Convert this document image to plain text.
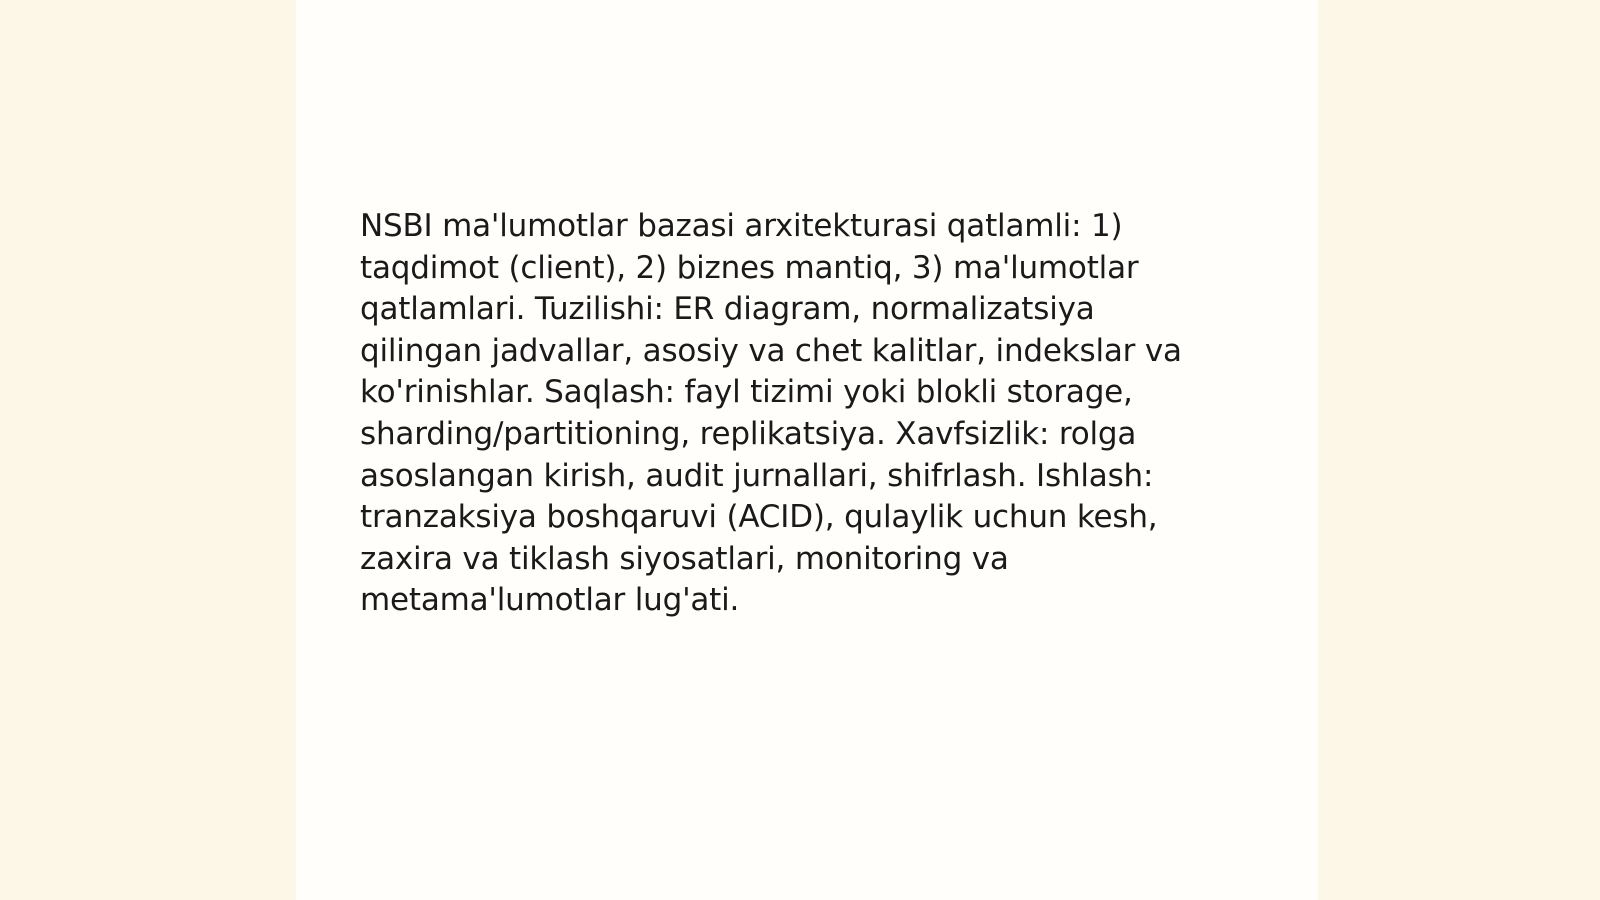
NSBI ma'lumotlar bazasi arxitekturasi qatlamli: 1) taqdimot (client), 2) biznes mantiq, 3) ma'lumotlar qatlamlari. Tuzilishi: ER diagram, normalizatsiya qilingan jadvallar, asosiy va chet kalitlar, indekslar va ko'rinishlar. Saqlash: fayl tizimi yoki blokli storage, sharding/partitioning, replikatsiya. Xavfsizlik: rolga asoslangan kirish, audit jurnallari, shifrlash. Ishlash: tranzaksiya boshqaruvi (ACID), qulaylik uchun kesh, zaxira va tiklash siyosatlari, monitoring va metama'lumotlar lug'ati.
